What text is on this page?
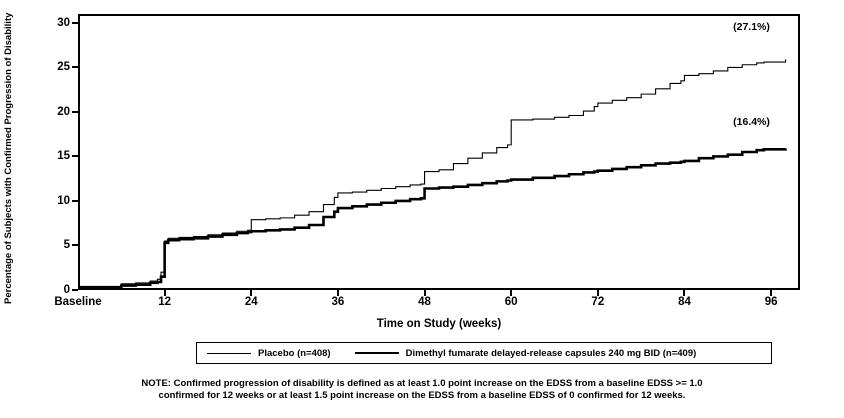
Percentage of Subjects with Confirmed Progression of Disability	0
5
10
15
20
25
30
Baseline	12	24	36	48	60	72	84	96
Time on Study (weeks)
(27.1%)
(16.4%)
Placebo (n=408)	Dimethyl fumarate delayed-release capsules 240 mg BID (n=409)
NOTE: Confirmed progression of disability is defined as at least 1.0 point increase on the EDSS from a baseline EDSS >= 1.0
confirmed for 12 weeks or at least 1.5 point increase on the EDSS from a baseline EDSS of 0 confirmed for 12 weeks.
